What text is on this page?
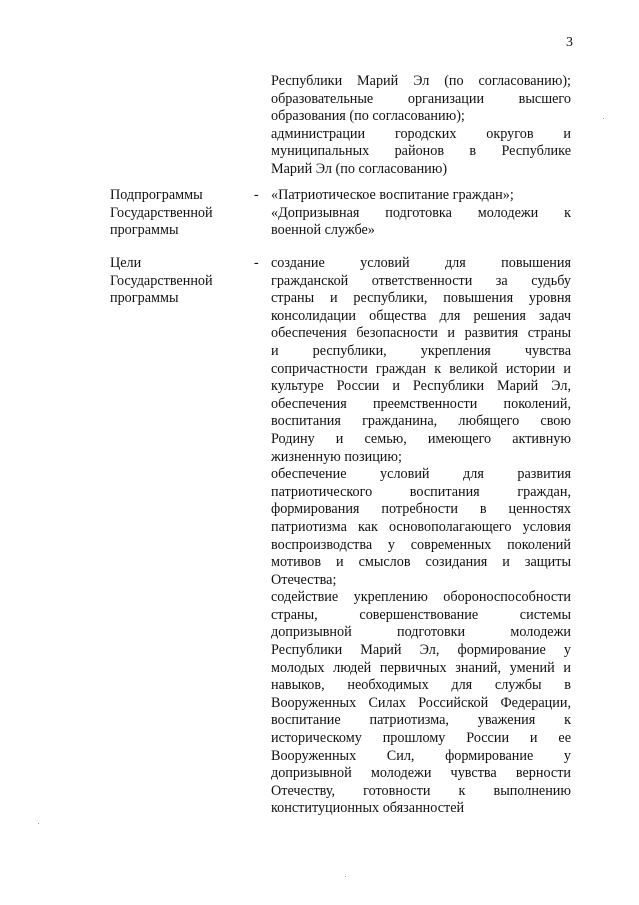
3
Республики Марий Эл (по согласованию);
образовательные организации высшего
образования (по согласованию);
администрации городских округов и
муниципальных районов в Республике
Марий Эл (по согласованию)
Подпрограммы
Государственной
программы
- «Патриотическое воспитание граждан»;
«Допризывная подготовка молодежи к
военной службе»
Цели
Государственной
программы
- создание условий для повышения
гражданской ответственности за судьбу
страны и республики, повышения уровня
консолидации общества для решения задач
обеспечения безопасности и развития страны
и республики, укрепления чувства
сопричастности граждан к великой истории и
культуре России и Республики Марий Эл,
обеспечения преемственности поколений,
воспитания гражданина, любящего свою
Родину и семью, имеющего активную
жизненную позицию;
обеспечение условий для развития
патриотического воспитания граждан,
формирования потребности в ценностях
патриотизма как основополагающего условия
воспроизводства у современных поколений
мотивов и смыслов созидания и защиты
Отечества;
содействие укреплению обороноспособности
страны, совершенствование системы
допризывной подготовки молодежи
Республики Марий Эл, формирование у
молодых людей первичных знаний, умений и
навыков, необходимых для службы в
Вооруженных Силах Российской Федерации,
воспитание патриотизма, уважения к
историческому прошлому России и ее
Вооруженных Сил, формирование у
допризывной молодежи чувства верности
Отечеству, готовности к выполнению
конституционных обязанностей
